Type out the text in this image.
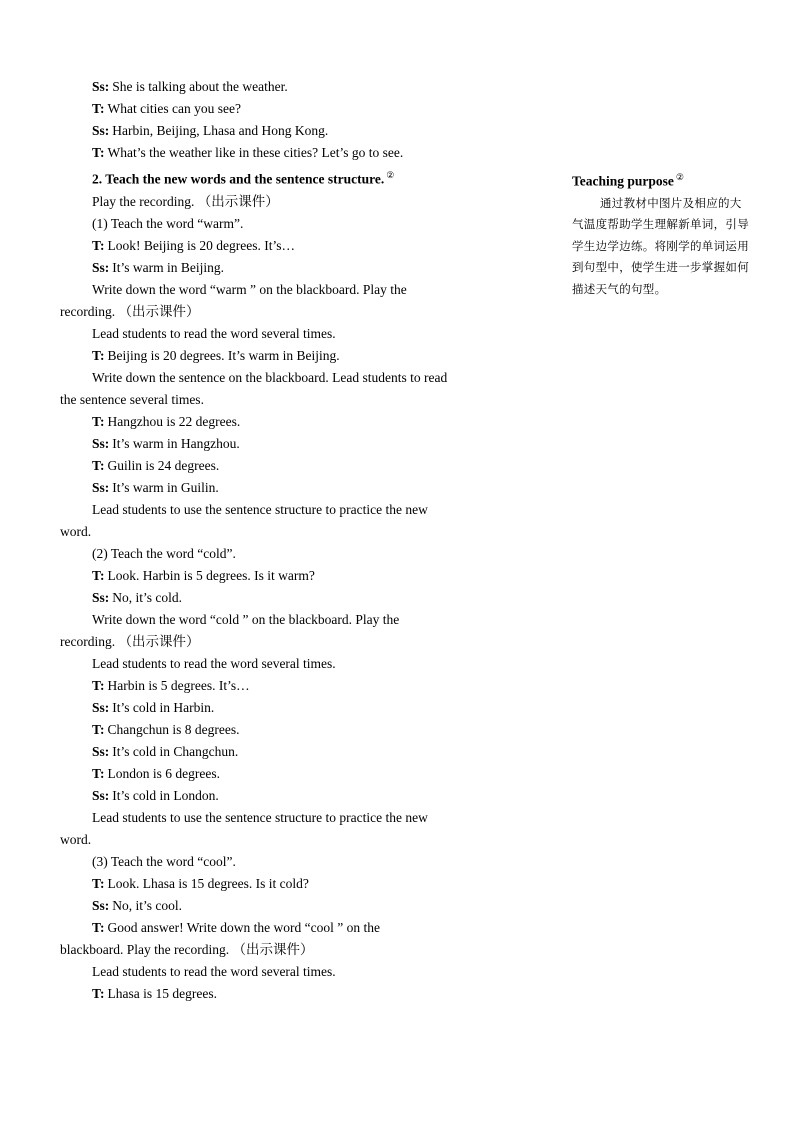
Ss: She is talking about the weather.
T: What cities can you see?
Ss: Harbin, Beijing, Lhasa and Hong Kong.
T: What’s the weather like in these cities? Let’s go to see.
2. Teach the new words and the sentence structure. ②
Play the recording. （出示课件）
(1) Teach the word “warm”.
T: Look! Beijing is 20 degrees. It’s…
Ss: It’s warm in Beijing.
Write down the word “warm ” on the blackboard. Play the
recording. （出示课件）
Lead students to read the word several times.
T: Beijing is 20 degrees. It’s warm in Beijing.
Write down the sentence on the blackboard. Lead students to read
the sentence several times.
T: Hangzhou is 22 degrees.
Ss: It’s warm in Hangzhou.
T: Guilin is 24 degrees.
Ss: It’s warm in Guilin.
Lead students to use the sentence structure to practice the new
word.
(2) Teach the word “cold”.
T: Look. Harbin is 5 degrees. Is it warm?
Ss: No, it’s cold.
Write down the word “cold ” on the blackboard. Play the
recording. （出示课件）
Lead students to read the word several times.
T: Harbin is 5 degrees. It’s…
Ss: It’s cold in Harbin.
T: Changchun is 8 degrees.
Ss: It’s cold in Changchun.
T: London is 6 degrees.
Ss: It’s cold in London.
Lead students to use the sentence structure to practice the new
word.
(3) Teach the word “cool”.
T: Look. Lhasa is 15 degrees. Is it cold?
Ss: No, it’s cool.
T: Good answer! Write down the word “cool ” on the
blackboard. Play the recording. （出示课件）
Lead students to read the word several times.
T: Lhasa is 15 degrees.
Teaching purpose ②
通过教材中图片及相应的大气温度帮助学生理解新单词，引导学生边学边练。将刚学的单词运用到句型中，使学生进一步掌握如何描述天气的句型。
